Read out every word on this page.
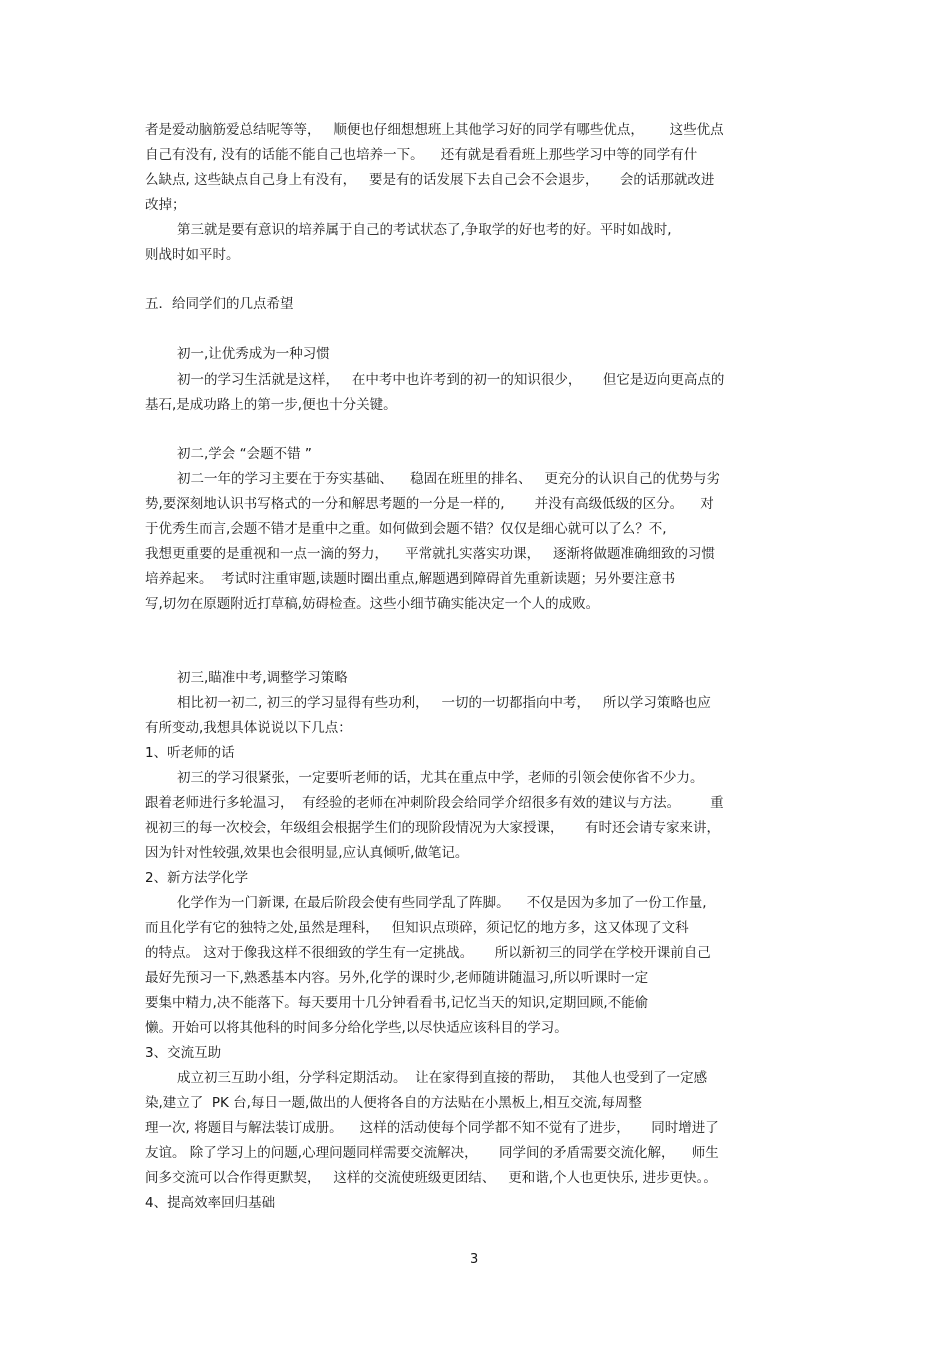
者是爱动脑筋爱总结呢等等，   顺便也仔细想想班上其他学习好的同学有哪些优点，      这些优点
自己有没有, 没有的话能不能自己也培养一下。    还有就是看看班上那些学习中等的同学有什
么缺点, 这些缺点自己身上有没有，   要是有的话发展下去自己会不会退步，     会的话那就改进
改掉；
第三就是要有意识的培养属于自己的考试状态了,争取学的好也考的好。平时如战时,
则战时如平时。
五．给同学们的几点希望
初一,让优秀成为一种习惯
初一的学习生活就是这样，   在中考中也许考到的初一的知识很少，     但它是迈向更高点的
基石,是成功路上的第一步,便也十分关键。
初二,学会 “会题不错 ”
初二一年的学习主要在于夯实基础、    稳固在班里的排名、   更充分的认识自己的优势与劣
势,要深刻地认识书写格式的一分和解思考题的一分是一样的,       并没有高级低级的区分。    对
于优秀生而言,会题不错才是重中之重。如何做到会题不错？仅仅是细心就可以了么？不,
我想更重要的是重视和一点一滴的努力，    平常就扎实落实功课，   逐渐将做题准确细致的习惯
培养起来。  考试时注重审题,读题时圈出重点,解题遇到障碍首先重新读题；另外要注意书
写,切勿在原题附近打草稿,妨碍检查。这些小细节确实能决定一个人的成败。
初三,瞄准中考,调整学习策略
相比初一初二, 初三的学习显得有些功利，   一切的一切都指向中考，   所以学习策略也应
有所变动,我想具体说说以下几点：
1、听老师的话
初三的学习很紧张，一定要听老师的话，尤其在重点中学，老师的引领会使你省不少力。
跟着老师进行多轮温习，  有经验的老师在冲刺阶段会给同学介绍很多有效的建议与方法。       重
视初三的每一次校会，年级组会根据学生们的现阶段情况为大家授课，     有时还会请专家来讲，
因为针对性较强,效果也会很明显,应认真倾听,做笔记。
2、新方法学化学
化学作为一门新课, 在最后阶段会使有些同学乱了阵脚。    不仅是因为多加了一份工作量,
而且化学有它的独特之处,虽然是理科，   但知识点琐碎，须记忆的地方多，这又体现了文科
的特点。 这对于像我这样不很细致的学生有一定挑战。     所以新初三的同学在学校开课前自己
最好先预习一下,熟悉基本内容。另外,化学的课时少,老师随讲随温习,所以听课时一定
要集中精力,决不能落下。每天要用十几分钟看看书,记忆当天的知识,定期回顾,不能偷
懒。开始可以将其他科的时间多分给化学些,以尽快适应该科目的学习。
3、交流互助
成立初三互助小组，分学科定期活动。  让在家得到直接的帮助，  其他人也受到了一定感
染,建立了  PK 台,每日一题,做出的人便将各自的方法贴在小黑板上,相互交流,每周整
理一次, 将题目与解法装订成册。    这样的活动使每个同学都不知不觉有了进步，     同时增进了
友谊。 除了学习上的问题,心理问题同样需要交流解决，     同学间的矛盾需要交流化解，    师生
间多交流可以合作得更默契，   这样的交流使班级更团结、   更和谐,个人也更快乐, 进步更快。。
4、提高效率回归基础
3
